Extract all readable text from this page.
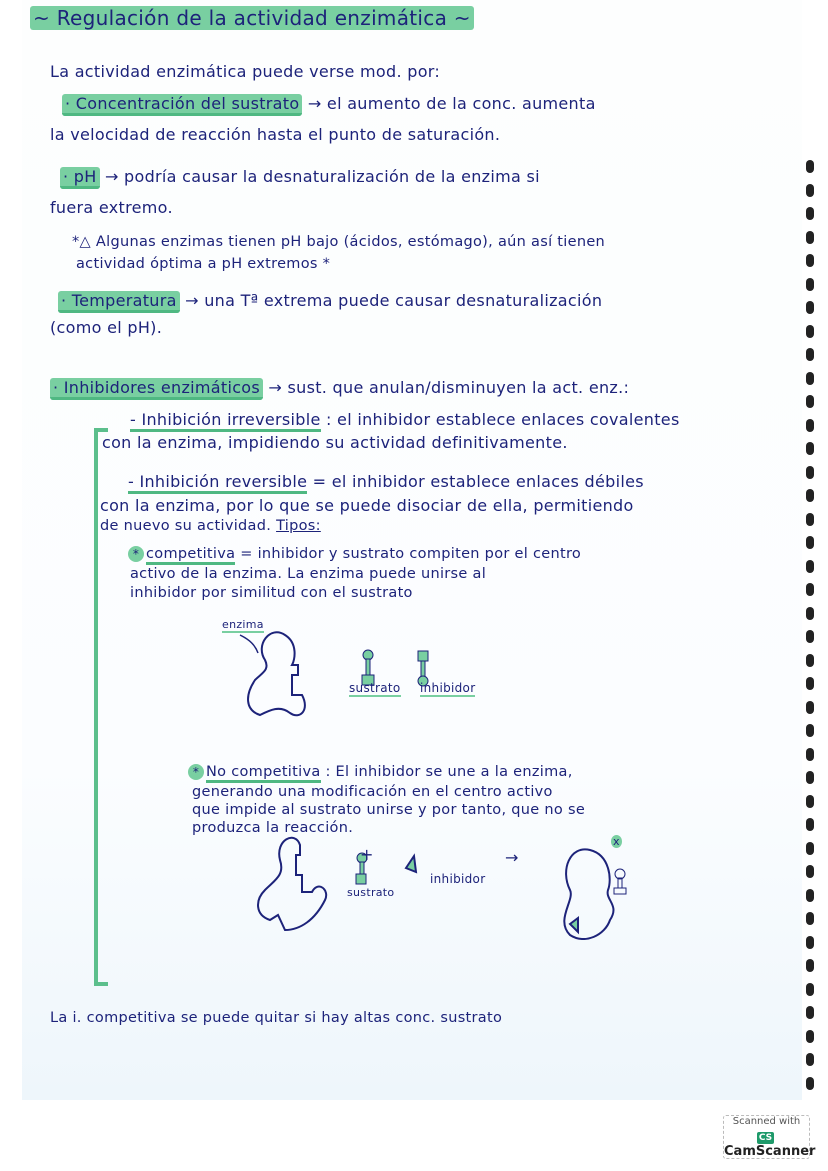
~ Regulación de la actividad enzimática ~
La actividad enzimática puede verse mod. por:
· Concentración del sustrato → el aumento de la conc. aumenta
la velocidad de reacción hasta el punto de saturación.
· pH → podría causar la desnaturalización de la enzima si
fuera extremo.
*△ Algunas enzimas tienen pH bajo (ácidos, estómago), aún así tienen
actividad óptima a pH extremos *
· Temperatura → una Tª extrema puede causar desnaturalización
(como el pH).
· Inhibidores enzimáticos → sust. que anulan/disminuyen la act. enz.:
- Inhibición irreversible : el inhibidor establece enlaces covalentes
con la enzima, impidiendo su actividad definitivamente.
- Inhibición reversible = el inhibidor establece enlaces débiles
con la enzima, por lo que se puede disociar de ella, permitiendo
de nuevo su actividad. Tipos:
* competitiva = inhibidor y sustrato compiten por el centro
activo de la enzima. La enzima puede unirse al
inhibidor por similitud con el sustrato
enzima
sustrato inhibidor
* No competitiva : El inhibidor se une a la enzima,
generando una modificación en el centro activo
que impide al sustrato unirse y por tanto, que no se
produzca la reacción.
+
inhibidor
sustrato
→
x
La i. competitiva se puede quitar si hay altas conc. sustrato
Scanned with
CSCamScanner
